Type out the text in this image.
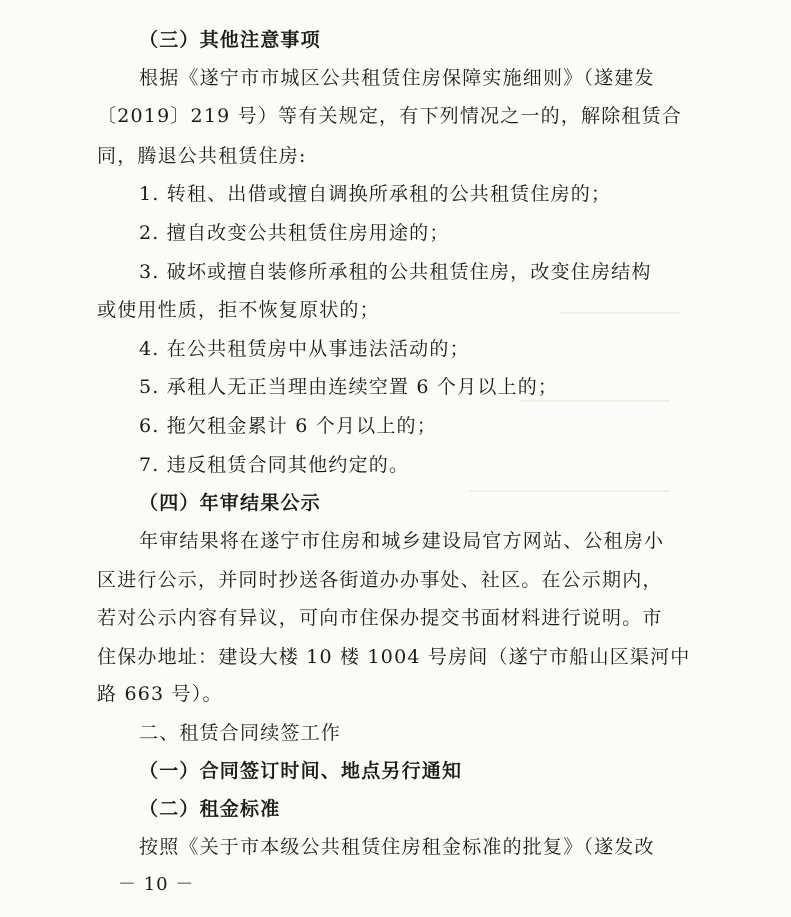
（三）其他注意事项
根据《遂宁市市城区公共租赁住房保障实施细则》（遂建发
〔2019〕219 号）等有关规定，有下列情况之一的，解除租赁合
同，腾退公共租赁住房:
1. 转租、出借或擅自调换所承租的公共租赁住房的；
2. 擅自改变公共租赁住房用途的；
3. 破坏或擅自装修所承租的公共租赁住房，改变住房结构
或使用性质，拒不恢复原状的；
4. 在公共租赁房中从事违法活动的；
5. 承租人无正当理由连续空置 6 个月以上的；
6. 拖欠租金累计 6 个月以上的；
7. 违反租赁合同其他约定的。
（四）年审结果公示
年审结果将在遂宁市住房和城乡建设局官方网站、公租房小
区进行公示，并同时抄送各街道办办事处、社区。在公示期内，
若对公示内容有异议，可向市住保办提交书面材料进行说明。市
住保办地址：建设大楼 10 楼 1004 号房间（遂宁市船山区渠河中
路 663 号）。
二、租赁合同续签工作
（一）合同签订时间、地点另行通知
（二）租金标准
按照《关于市本级公共租赁住房租金标准的批复》（遂发改
－ 10 －
